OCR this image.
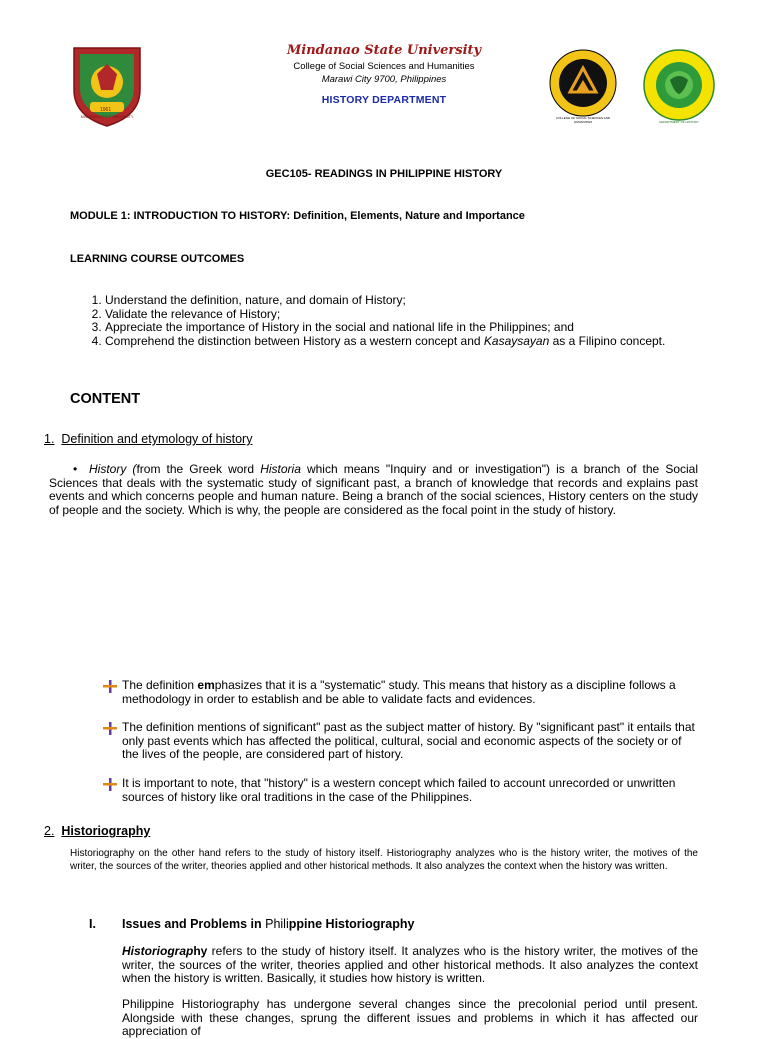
1961
MINDANAO STATE UNIVERSITY
Mindanao State University
College of Social Sciences and Humanities
Marawi City 9700, Philippines
HISTORY DEPARTMENT
COLLEGE OF SOCIAL SCIENCES AND HUMANITIES	DEPARTMENT OF HISTORY
GEC105- READINGS IN PHILIPPINE HISTORY
MODULE 1: INTRODUCTION TO HISTORY: Definition, Elements, Nature and Importance
LEARNING COURSE OUTCOMES
1. Understand the definition, nature, and domain of History;
2. Validate the relevance of History;
3. Appreciate the importance of History in the social and national life in the Philippines; and
4. Comprehend the distinction between History as a western concept and Kasaysayan as a Filipino concept.
CONTENT
1. Definition and etymology of history
• History (from the Greek word Historia which means "Inquiry and or investigation") is a branch of the Social Sciences that deals with the systematic study of significant past, a branch of knowledge that records and explains past events and which concerns people and human nature. Being a branch of the social sciences, History centers on the study of people and the society. Which is why, the people are considered as the focal point in the study of history.
The definition emphasizes that it is a "systematic" study. This means that history as a discipline follows a methodology in order to establish and be able to validate facts and evidences.
The definition mentions of significant" past as the subject matter of history. By "significant past" it entails that only past events which has affected the political, cultural, social and economic aspects of the society or of the lives of the people, are considered part of history.
It is important to note, that "history" is a western concept which failed to account unrecorded or unwritten sources of history like oral traditions in the case of the Philippines.
2. Historiography
Historiography on the other hand refers to the study of history itself. Historiography analyzes who is the history writer, the motives of the writer, the sources of the writer, theories applied and other historical methods. It also analyzes the context when the history was written.
I. Issues and Problems in Philippine Historiography
Historiography refers to the study of history itself. It analyzes who is the history writer, the motives of the writer, the sources of the writer, theories applied and other historical methods. It also analyzes the context when the history is written. Basically, it studies how history is written.
Philippine Historiography has undergone several changes since the precolonial period until present. Alongside with these changes, sprung the different issues and problems in which it has affected our appreciation of
